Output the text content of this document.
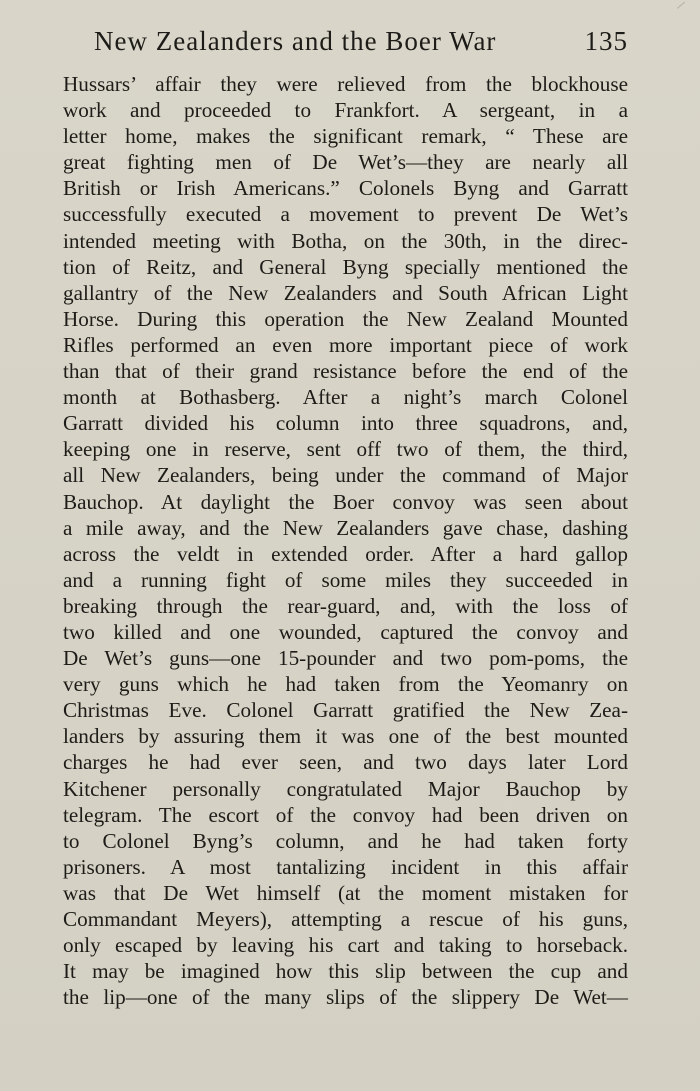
New Zealanders and the Boer War	135
Hussars’ affair they were relieved from the blockhouse
work and proceeded to Frankfort. A sergeant, in a
letter home, makes the significant remark, “ These are
great fighting men of De Wet’s—they are nearly all
British or Irish Americans.” Colonels Byng and Garratt
successfully executed a movement to prevent De Wet’s
intended meeting with Botha, on the 30th, in the direc-
tion of Reitz, and General Byng specially mentioned the
gallantry of the New Zealanders and South African Light
Horse. During this operation the New Zealand Mounted
Rifles performed an even more important piece of work
than that of their grand resistance before the end of the
month at Bothasberg. After a night’s march Colonel
Garratt divided his column into three squadrons, and,
keeping one in reserve, sent off two of them, the third,
all New Zealanders, being under the command of Major
Bauchop. At daylight the Boer convoy was seen about
a mile away, and the New Zealanders gave chase, dashing
across the veldt in extended order. After a hard gallop
and a running fight of some miles they succeeded in
breaking through the rear-guard, and, with the loss of
two killed and one wounded, captured the convoy and
De Wet’s guns—one 15-pounder and two pom-poms, the
very guns which he had taken from the Yeomanry on
Christmas Eve. Colonel Garratt gratified the New Zea-
landers by assuring them it was one of the best mounted
charges he had ever seen, and two days later Lord
Kitchener personally congratulated Major Bauchop by
telegram. The escort of the convoy had been driven on
to Colonel Byng’s column, and he had taken forty
prisoners. A most tantalizing incident in this affair
was that De Wet himself (at the moment mistaken for
Commandant Meyers), attempting a rescue of his guns,
only escaped by leaving his cart and taking to horseback.
It may be imagined how this slip between the cup and
the lip—one of the many slips of the slippery De Wet—
